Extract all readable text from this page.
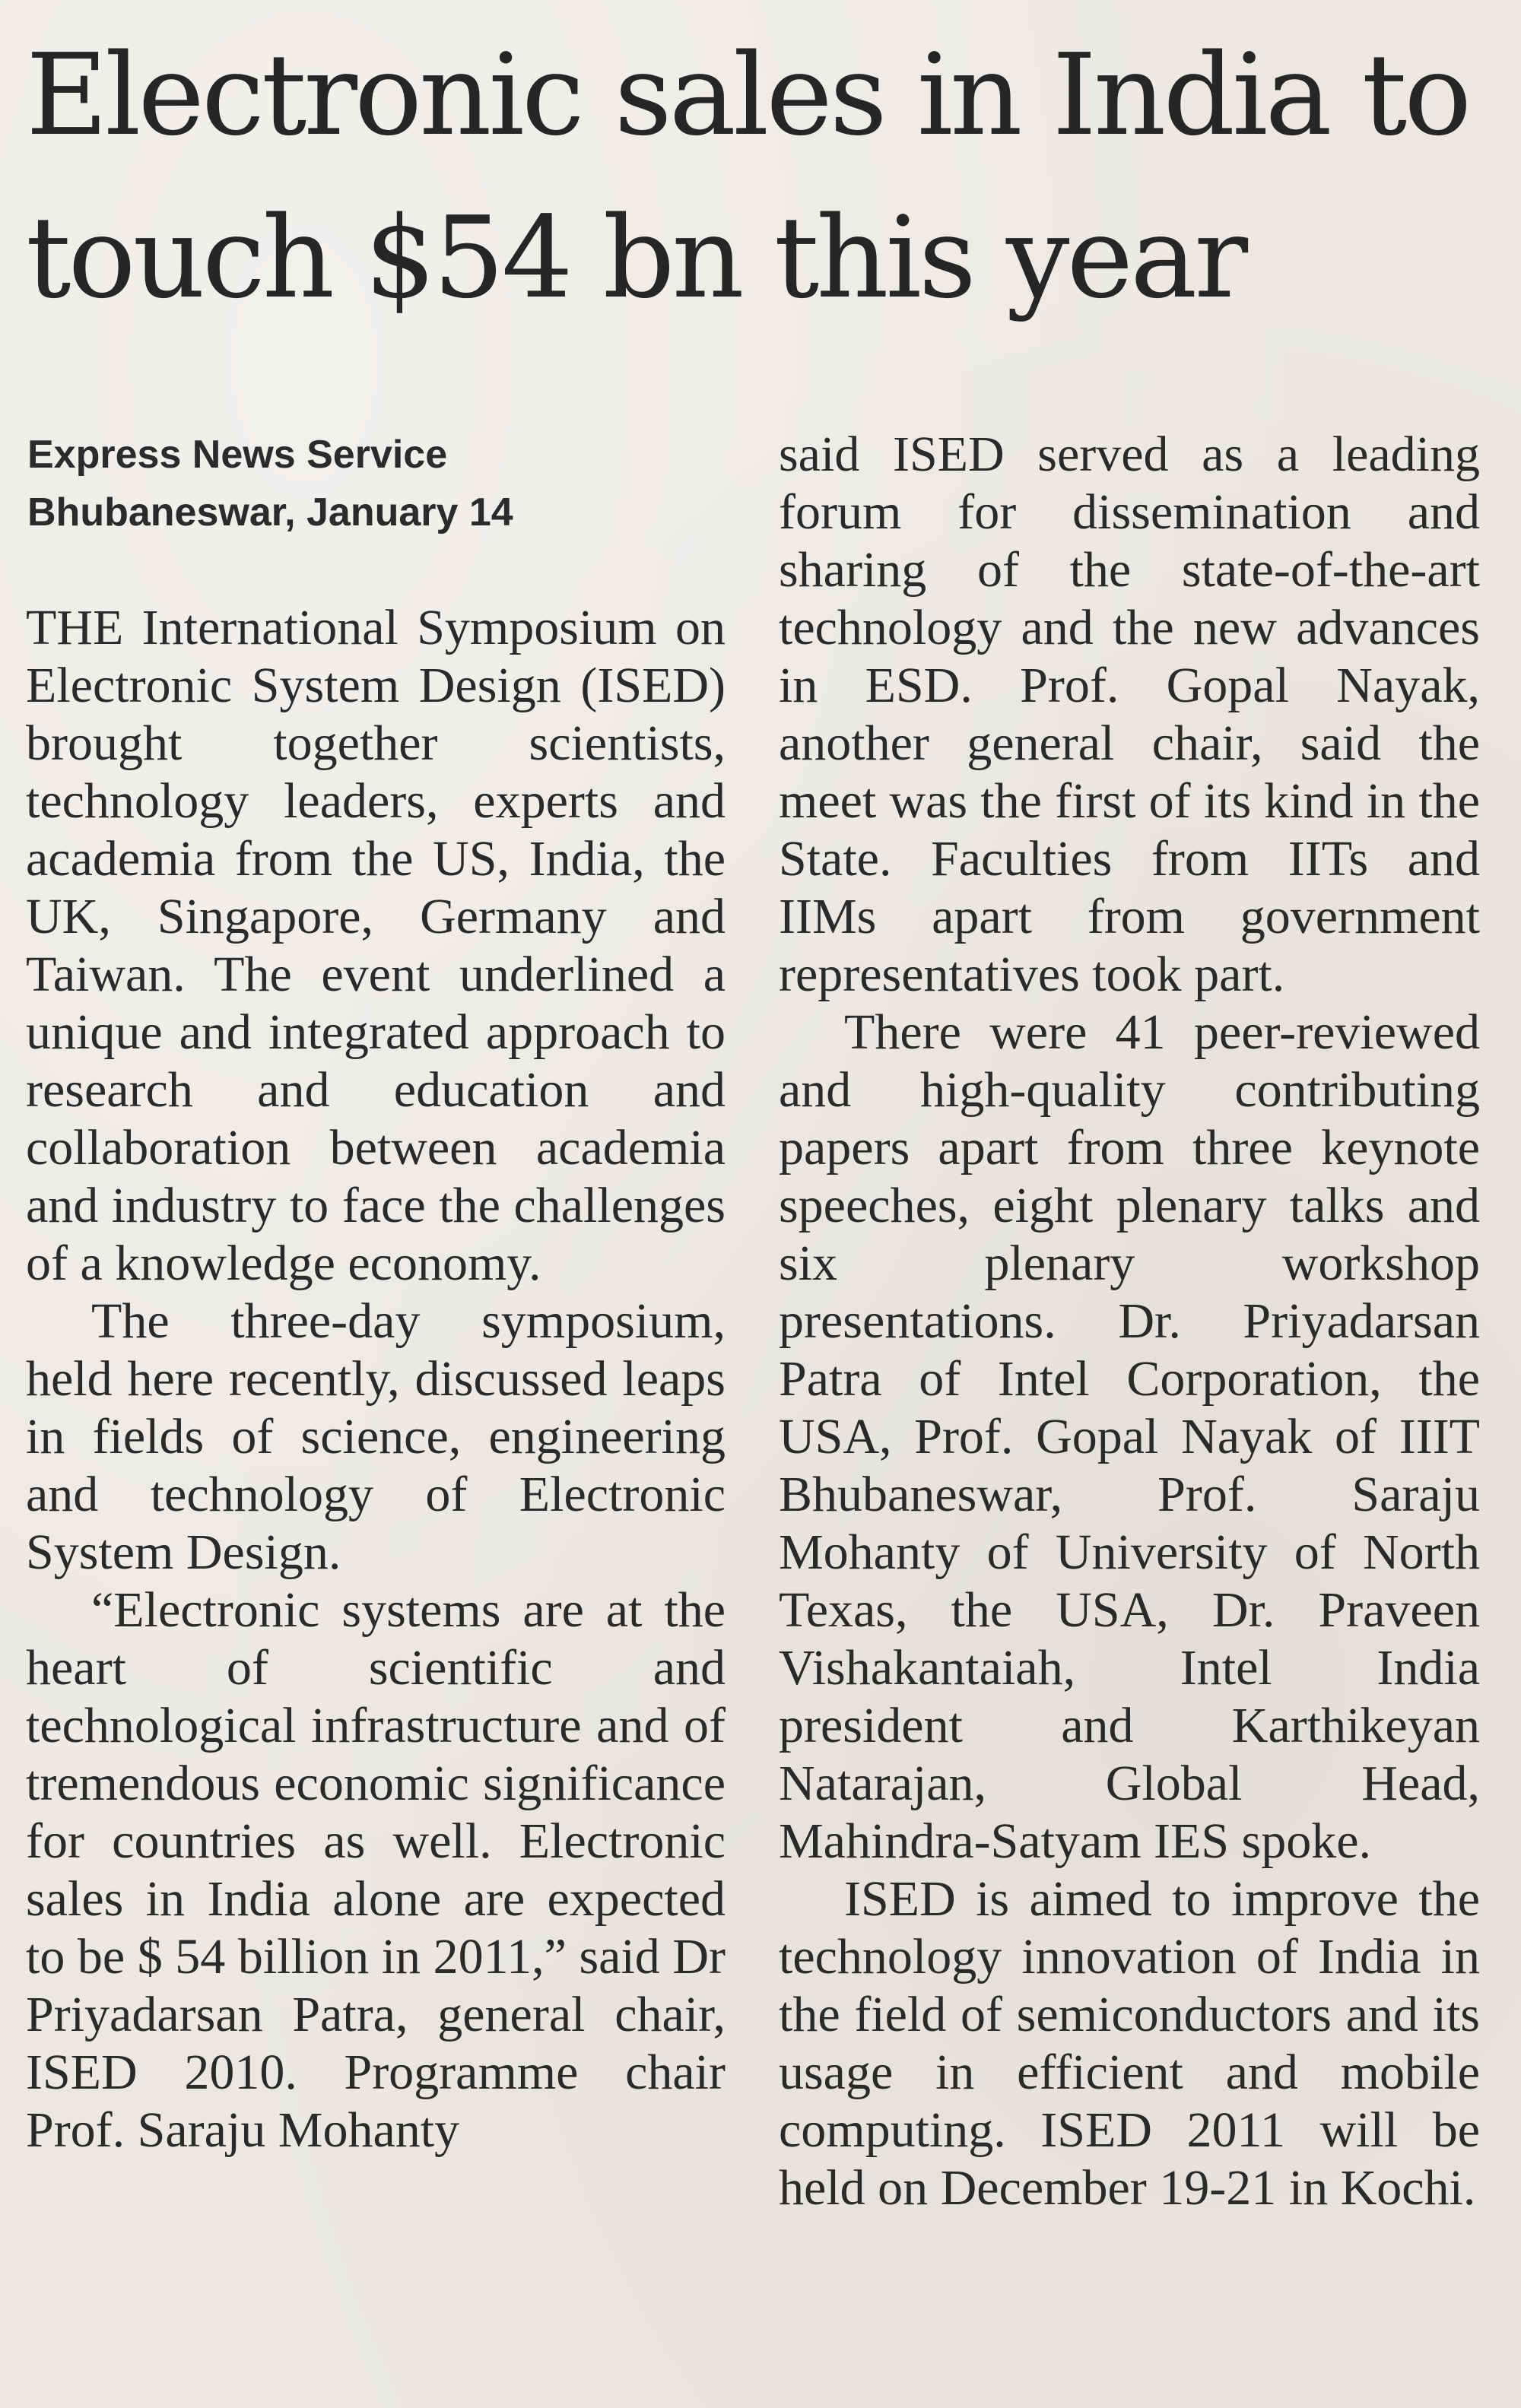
Electronic sales in India to
touch $54 bn this year
Express News Service
Bhubaneswar, January 14

THE International Symposium on Electronic System Design (ISED) brought together scientists, technology leaders, experts and academia from the US, India, the UK, Singapore, Germany and Taiwan. The event underlined a unique and integrated approach to research and education and collaboration between academia and industry to face the challenges of a knowledge economy.

The three-day symposium, held here recently, discussed leaps in fields of science, engineering and technology of Electronic System Design.

“Electronic systems are at the heart of scientific and technological infrastructure and of tremendous economic significance for countries as well. Electronic sales in India alone are expected to be $ 54 billion in 2011,” said Dr Priyadarsan Patra, general chair, ISED 2010. Programme chair Prof. Saraju Mohanty

said ISED served as a leading forum for dissemination and sharing of the state-of-the-art technology and the new advances in ESD. Prof. Gopal Nayak, another general chair, said the meet was the first of its kind in the State. Faculties from IITs and IIMs apart from government representatives took part.

There were 41 peer-reviewed and high-quality contributing papers apart from three keynote speeches, eight plenary talks and six plenary workshop presentations. Dr. Priyadarsan Patra of Intel Corporation, the USA, Prof. Gopal Nayak of IIIT Bhubaneswar, Prof. Saraju Mohanty of University of North Texas, the USA, Dr. Praveen Vishakantaiah, Intel India president and Karthikeyan Natarajan, Global Head, Mahindra-Satyam IES spoke.

ISED is aimed to improve the technology innovation of India in the field of semiconductors and its usage in efficient and mobile computing. ISED 2011 will be held on December 19-21 in Kochi.
